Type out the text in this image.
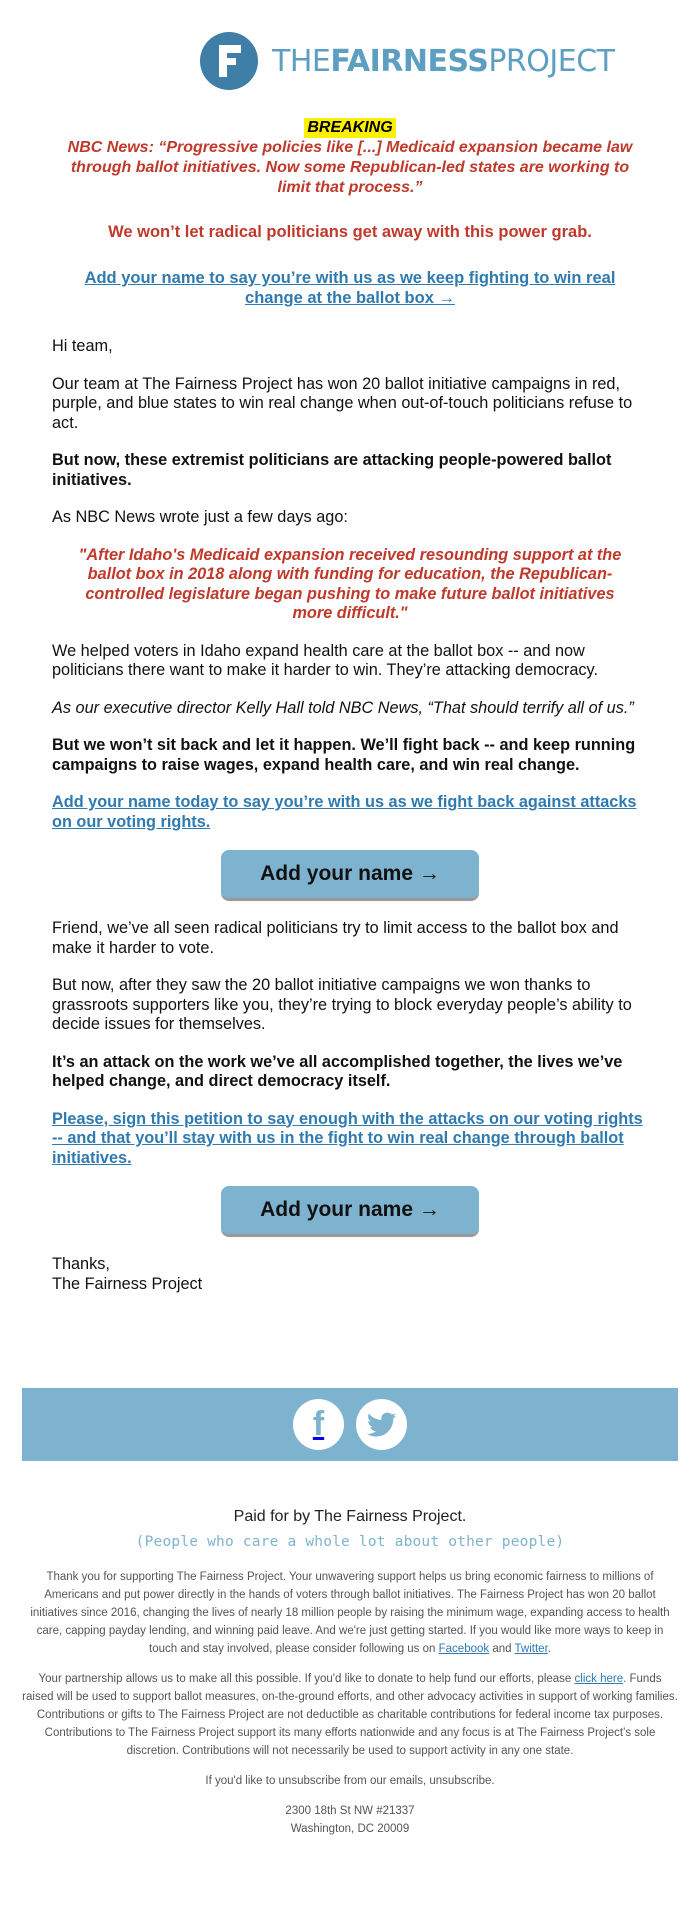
THEFAIRNESSPROJECT
BREAKING

NBC News: “Progressive policies like [...] Medicaid expansion became law through ballot initiatives. Now some Republican-led states are working to limit that process.”

We won’t let radical politicians get away with this power grab.

Add your name to say you’re with us as we keep fighting to win real change at the ballot box →

Hi team,

Our team at The Fairness Project has won 20 ballot initiative campaigns in red, purple, and blue states to win real change when out-of-touch politicians refuse to act.

But now, these extremist politicians are attacking people-powered ballot initiatives.

As NBC News wrote just a few days ago:

"After Idaho's Medicaid expansion received resounding support at the ballot box in 2018 along with funding for education, the Republican-controlled legislature began pushing to make future ballot initiatives more difficult."

We helped voters in Idaho expand health care at the ballot box -- and now politicians there want to make it harder to win. They’re attacking democracy.

As our executive director Kelly Hall told NBC News, “That should terrify all of us.”

But we won’t sit back and let it happen. We’ll fight back -- and keep running campaigns to raise wages, expand health care, and win real change.

Add your name today to say you’re with us as we fight back against attacks on our voting rights.

Add your name →

Friend, we’ve all seen radical politicians try to limit access to the ballot box and make it harder to vote.

But now, after they saw the 20 ballot initiative campaigns we won thanks to grassroots supporters like you, they’re trying to block everyday people’s ability to decide issues for themselves.

It’s an attack on the work we’ve all accomplished together, the lives we’ve helped change, and direct democracy itself.

Please, sign this petition to say enough with the attacks on our voting rights -- and that you’ll stay with us in the fight to win real change through ballot initiatives.

Add your name →

Thanks,
The Fairness Project

f

Paid for by The Fairness Project.

(People who care a whole lot about other people)

Thank you for supporting The Fairness Project. Your unwavering support helps us bring economic fairness to millions of Americans and put power directly in the hands of voters through ballot initiatives. The Fairness Project has won 20 ballot initiatives since 2016, changing the lives of nearly 18 million people by raising the minimum wage, expanding access to health care, capping payday lending, and winning paid leave. And we're just getting started. If you would like more ways to keep in touch and stay involved, please consider following us on Facebook and Twitter.

Your partnership allows us to make all this possible. If you'd like to donate to help fund our efforts, please click here. Funds raised will be used to support ballot measures, on-the-ground efforts, and other advocacy activities in support of working families. Contributions or gifts to The Fairness Project are not deductible as charitable contributions for federal income tax purposes. Contributions to The Fairness Project support its many efforts nationwide and any focus is at The Fairness Project's sole discretion. Contributions will not necessarily be used to support activity in any one state.

If you'd like to unsubscribe from our emails, unsubscribe.

2300 18th St NW #21337

Washington, DC 20009
